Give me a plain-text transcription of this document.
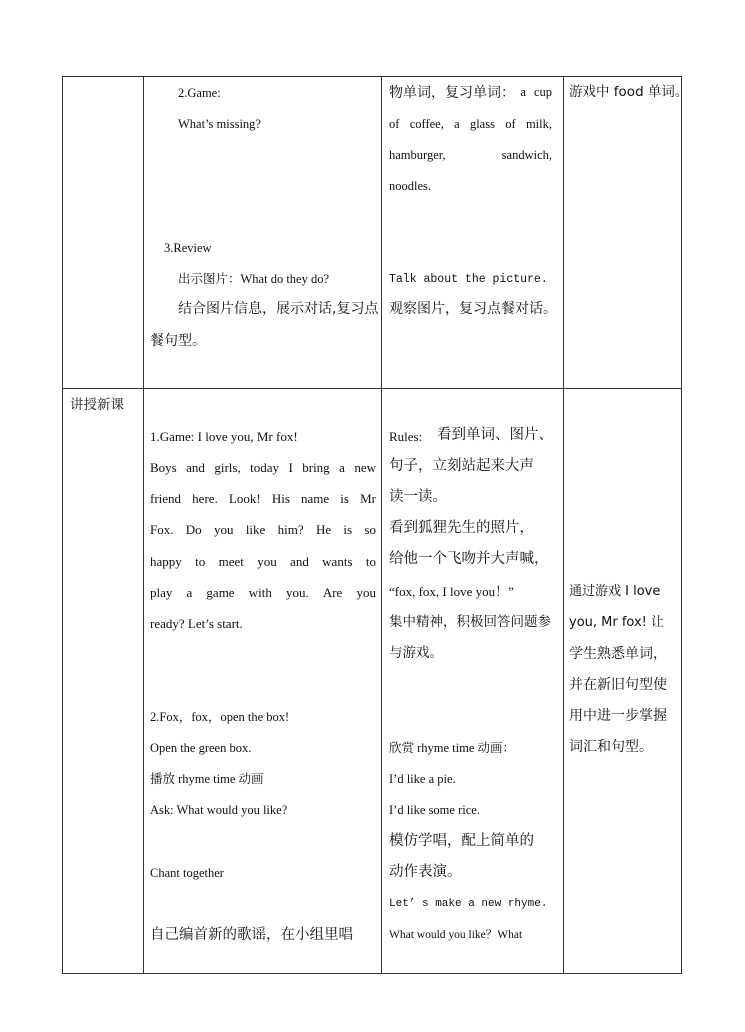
2.Game:
What’s missing?
3.Review
出示图片：What do they do?
结合图片信息，展示对话,复习点
餐句型。
物单词，复习单词： a cup
of coffee, a glass of milk,
hamburger,	sandwich,
noodles.
Talk about the picture.
观察图片，复习点餐对话。
游戏中 food 单词。
讲授新课
1.Game: I love you, Mr fox!
Boys and girls, today I bring a new
friend here. Look! His name is Mr
Fox. Do you like him? He is so
happy to meet you and wants to
play a game with you. Are you
ready? Let’s start.
2.Fox，fox，open the box!
Open the green box.
播放 rhyme time 动画
Ask: What would you like?
Chant together
自己编首新的歌谣，在小组里唱
Rules: 看到单词、图片、
句子，立刻站起来大声
读一读。
看到狐狸先生的照片，
给他一个飞吻并大声喊，
“fox, fox, I love you！”
集中精神，积极回答问题参
与游戏。
欣赏 rhyme time 动画：
I’d like a pie.
I’d like some rice.
模仿学唱，配上简单的
动作表演。
Let’ s make a new rhyme.
What would you like？What
通过游戏 I love
you, Mr fox! 让
学生熟悉单词，
并在新旧句型使
用中进一步掌握
词汇和句型。
